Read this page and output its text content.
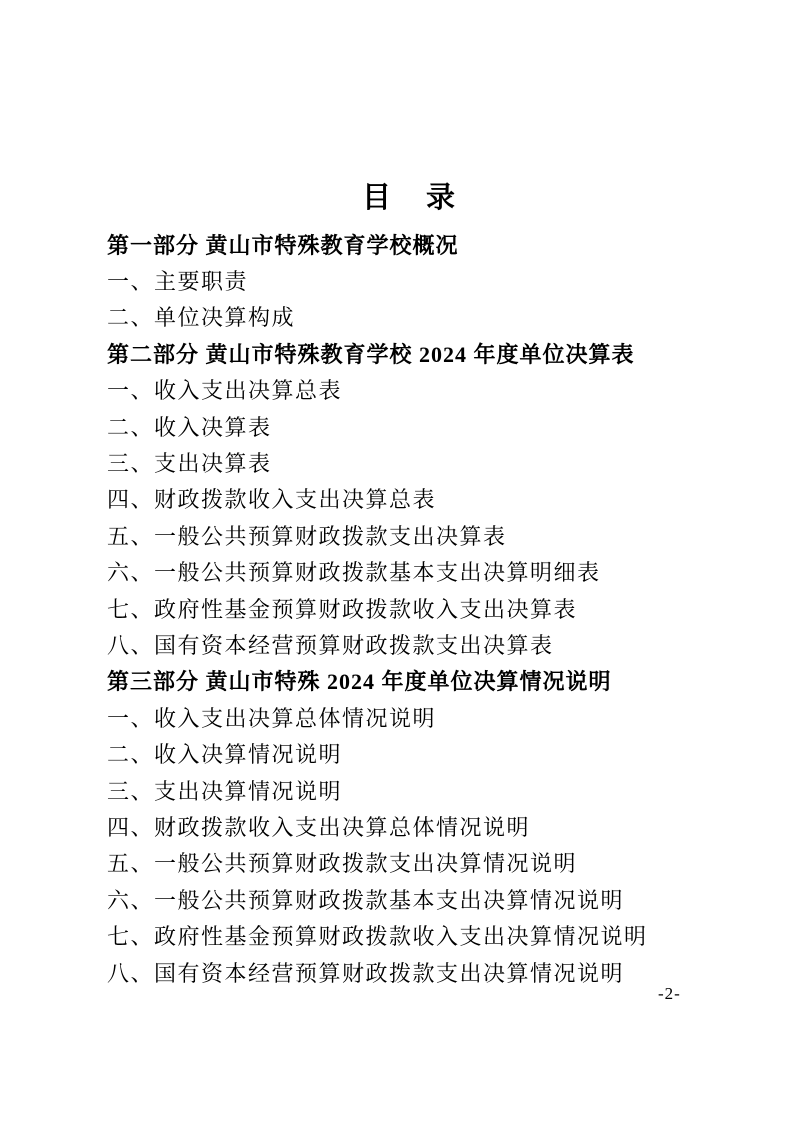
目　录
第一部分 黄山市特殊教育学校概况
一、主要职责
二、单位决算构成
第二部分 黄山市特殊教育学校 2024 年度单位决算表
一、收入支出决算总表
二、收入决算表
三、支出决算表
四、财政拨款收入支出决算总表
五、一般公共预算财政拨款支出决算表
六、一般公共预算财政拨款基本支出决算明细表
七、政府性基金预算财政拨款收入支出决算表
八、国有资本经营预算财政拨款支出决算表
第三部分 黄山市特殊 2024 年度单位决算情况说明
一、收入支出决算总体情况说明
二、收入决算情况说明
三、支出决算情况说明
四、财政拨款收入支出决算总体情况说明
五、一般公共预算财政拨款支出决算情况说明
六、一般公共预算财政拨款基本支出决算情况说明
七、政府性基金预算财政拨款收入支出决算情况说明
八、国有资本经营预算财政拨款支出决算情况说明
-2-
